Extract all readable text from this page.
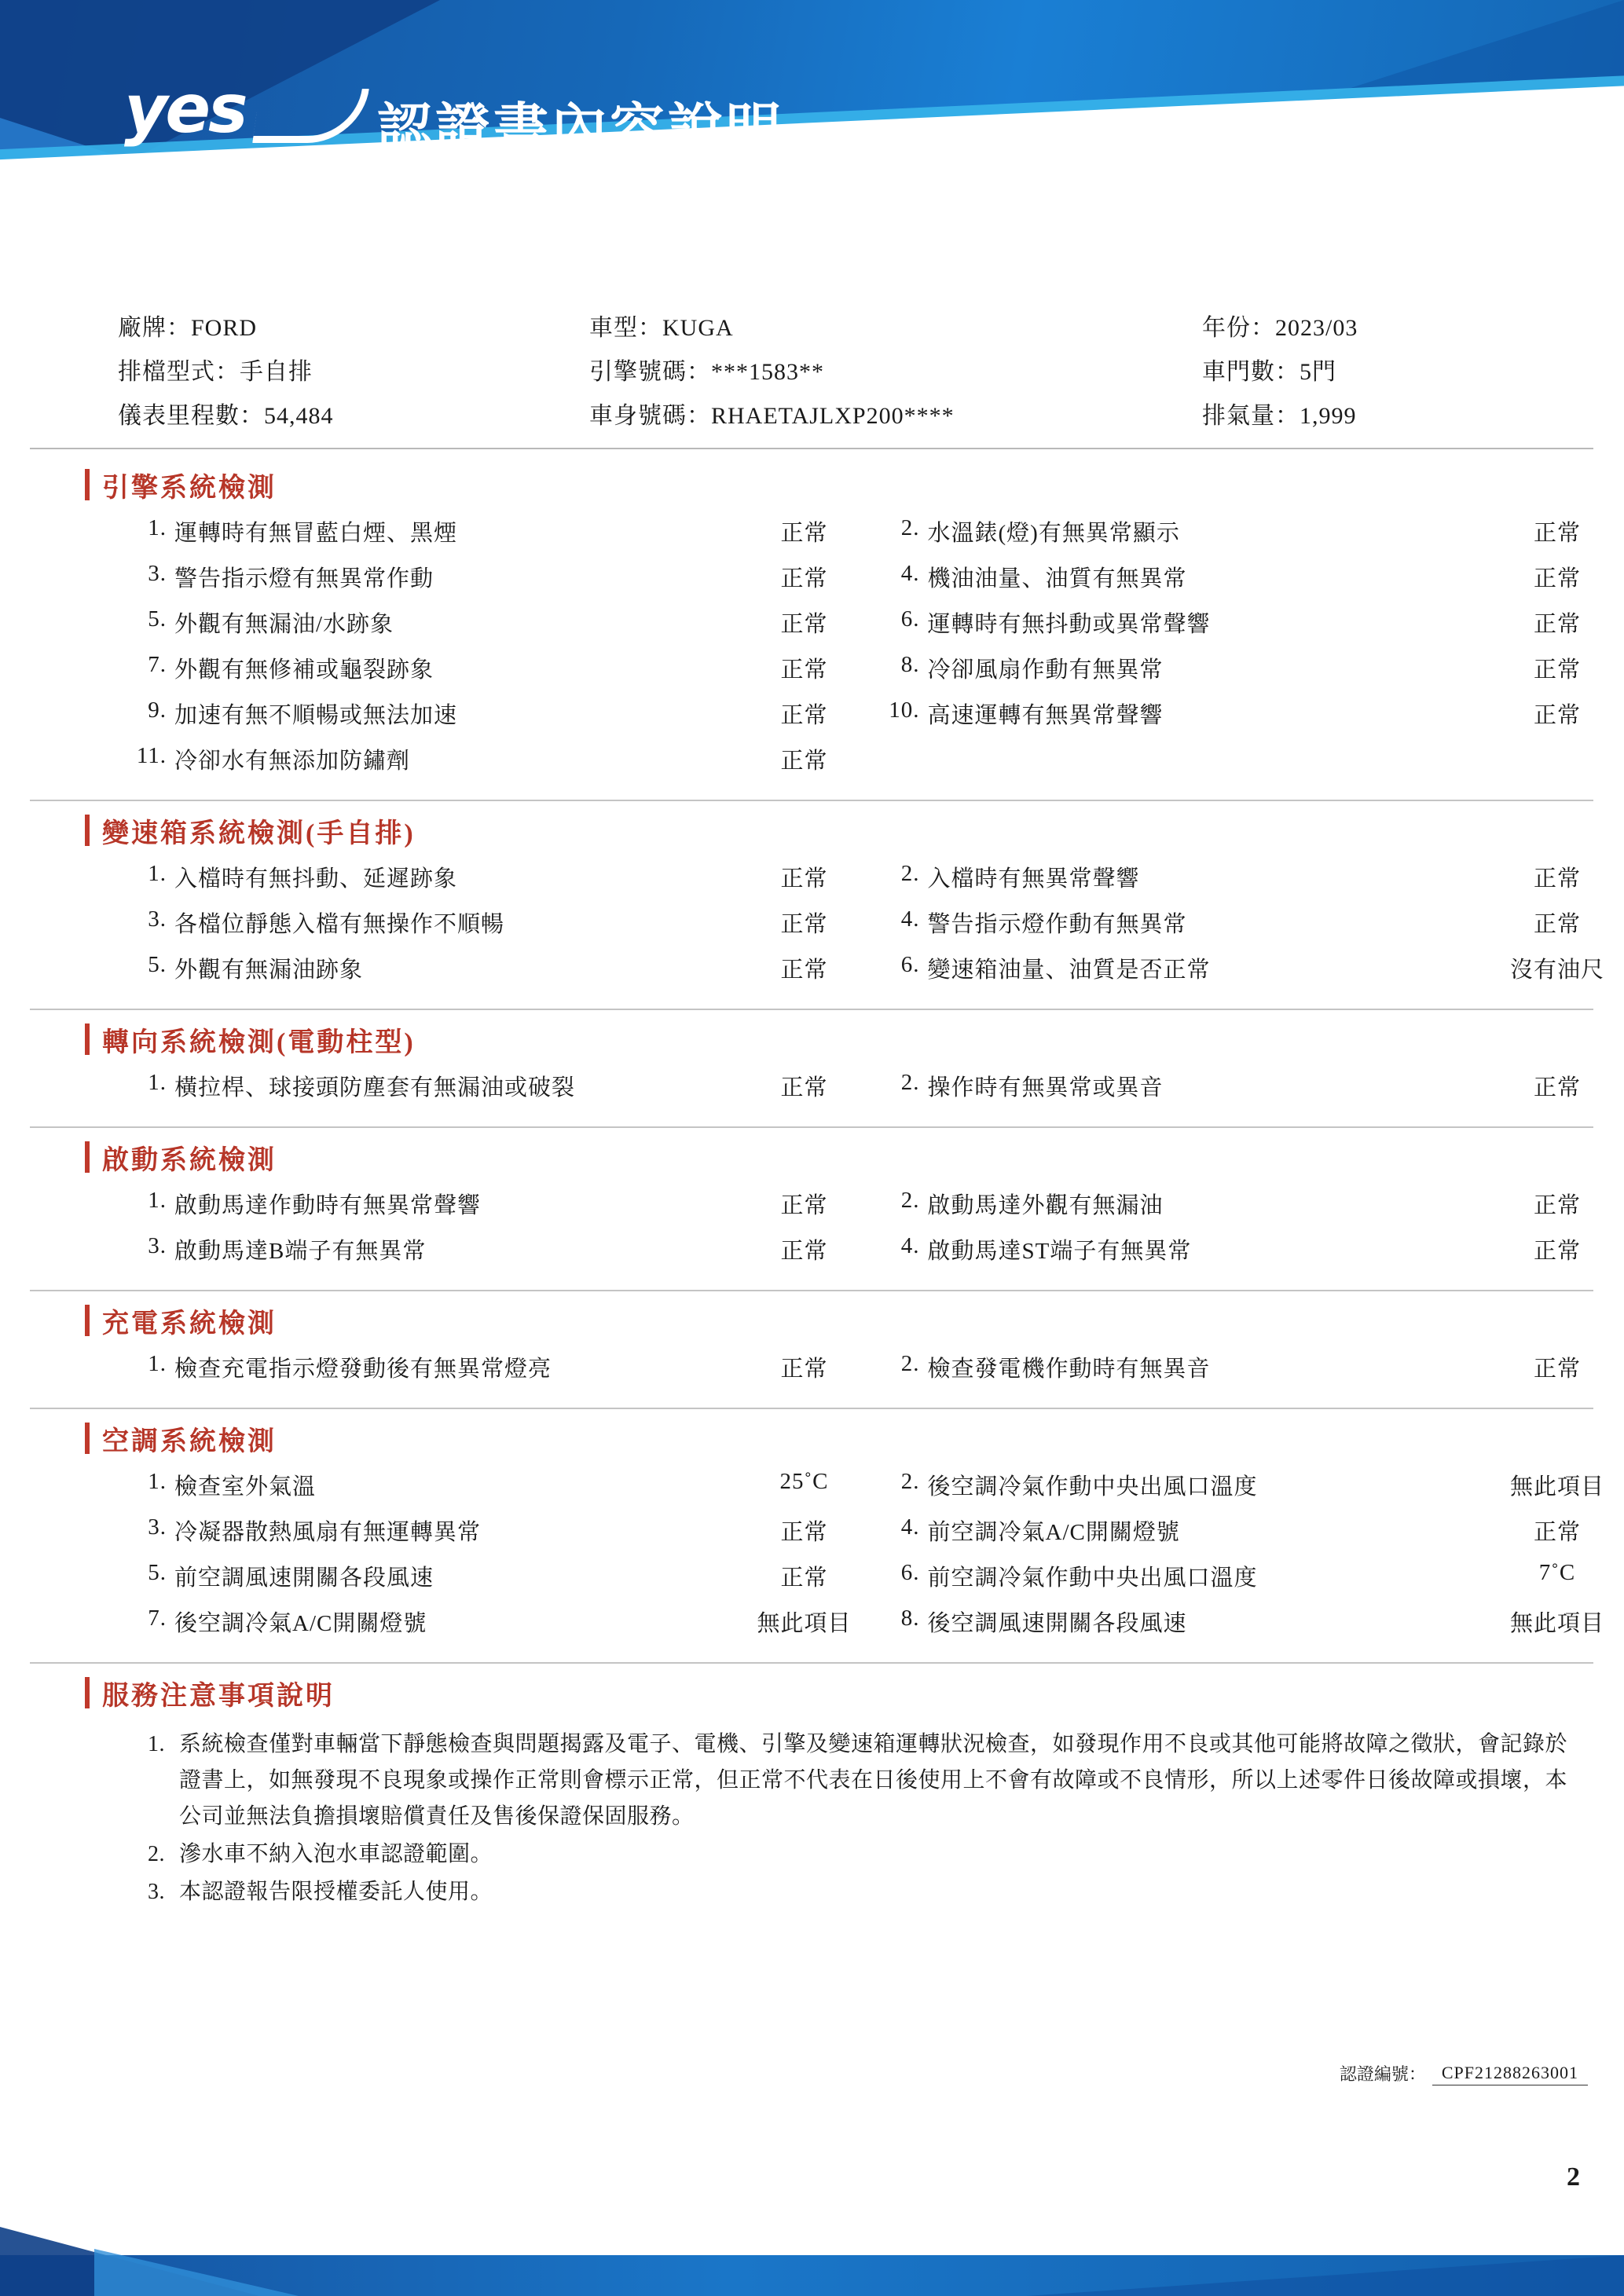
yes	認證書內容說明
廠牌：FORD	車型：KUGA	年份：2023/03
排檔型式：手自排	引擎號碼：***1583**	車門數：5門
儀表里程數：54,484	車身號碼：RHAETAJLXP200****	排氣量：1,999
引擎系統檢測
1. 運轉時有無冒藍白煙、黑煙	正常	2. 水溫錶(燈)有無異常顯示	正常
3. 警告指示燈有無異常作動	正常	4. 機油油量、油質有無異常	正常
5. 外觀有無漏油/水跡象	正常	6. 運轉時有無抖動或異常聲響	正常
7. 外觀有無修補或龜裂跡象	正常	8. 冷卻風扇作動有無異常	正常
9. 加速有無不順暢或無法加速	正常	10. 高速運轉有無異常聲響	正常
11. 冷卻水有無添加防鏽劑	正常
變速箱系統檢測(手自排)
1. 入檔時有無抖動、延遲跡象	正常	2. 入檔時有無異常聲響	正常
3. 各檔位靜態入檔有無操作不順暢	正常	4. 警告指示燈作動有無異常	正常
5. 外觀有無漏油跡象	正常	6. 變速箱油量、油質是否正常	沒有油尺
轉向系統檢測(電動柱型)
1. 橫拉桿、球接頭防塵套有無漏油或破裂	正常	2. 操作時有無異常或異音	正常
啟動系統檢測
1. 啟動馬達作動時有無異常聲響	正常	2. 啟動馬達外觀有無漏油	正常
3. 啟動馬達B端子有無異常	正常	4. 啟動馬達ST端子有無異常	正常
充電系統檢測
1. 檢查充電指示燈發動後有無異常燈亮	正常	2. 檢查發電機作動時有無異音	正常
空調系統檢測
1. 檢查室外氣溫	25˚C	2. 後空調冷氣作動中央出風口溫度	無此項目
3. 冷凝器散熱風扇有無運轉異常	正常	4. 前空調冷氣A/C開關燈號	正常
5. 前空調風速開關各段風速	正常	6. 前空調冷氣作動中央出風口溫度	7˚C
7. 後空調冷氣A/C開關燈號	無此項目	8. 後空調風速開關各段風速	無此項目
服務注意事項說明
1. 系統檢查僅對車輛當下靜態檢查與問題揭露及電子、電機、引擎及變速箱運轉狀況檢查，如發現作用不良或其他可能將故障之徵狀，會記錄於證書上，如無發現不良現象或操作正常則會標示正常，但正常不代表在日後使用上不會有故障或不良情形，所以上述零件日後故障或損壞，本公司並無法負擔損壞賠償責任及售後保證保固服務。
2. 滲水車不納入泡水車認證範圍。
3. 本認證報告限授權委託人使用。
認證編號： CPF21288263001
2
